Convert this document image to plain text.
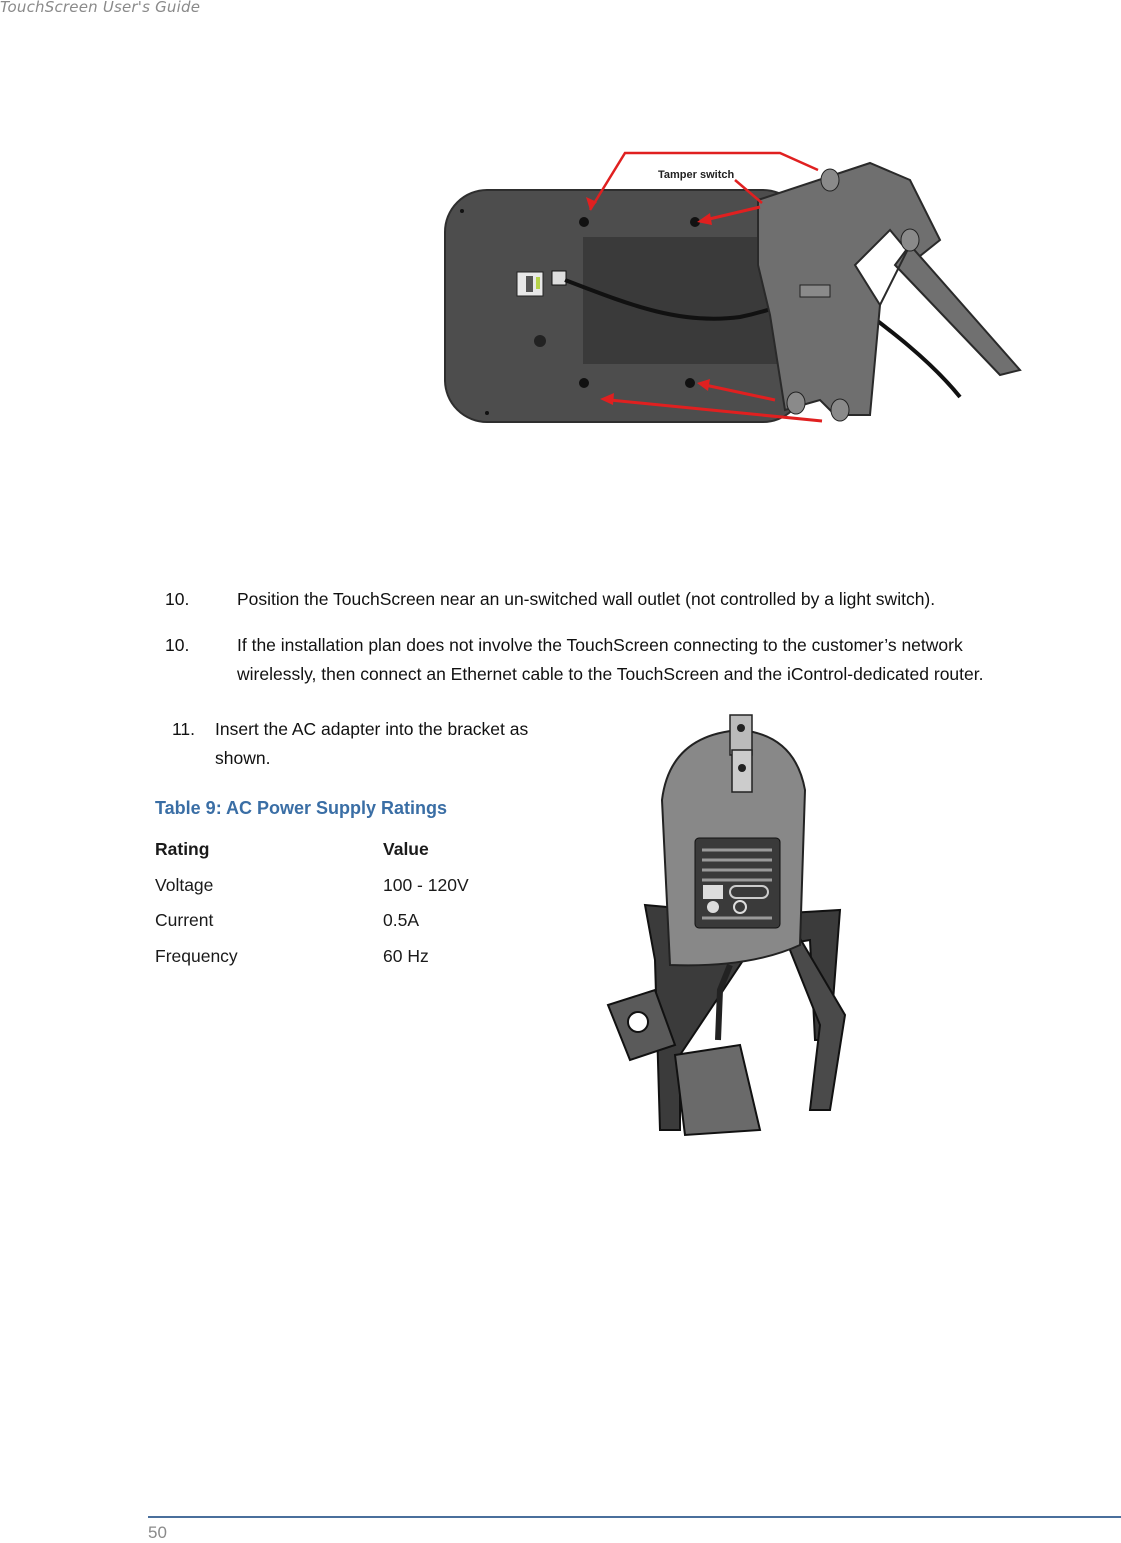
TouchScreen User's Guide
Tamper switch
10.	Position the TouchScreen near an un-switched wall outlet (not controlled by a light switch).
10.	If the installation plan does not involve the TouchScreen connecting to the customer’s network
wirelessly, then connect an Ethernet cable to the TouchScreen and the iControl-dedicated router.
11. Insert the AC adapter into the bracket as
shown.
Table 9: AC Power Supply Ratings
Rating	Value
Voltage	100 - 120V
Current	0.5A
Frequency	60 Hz
50
